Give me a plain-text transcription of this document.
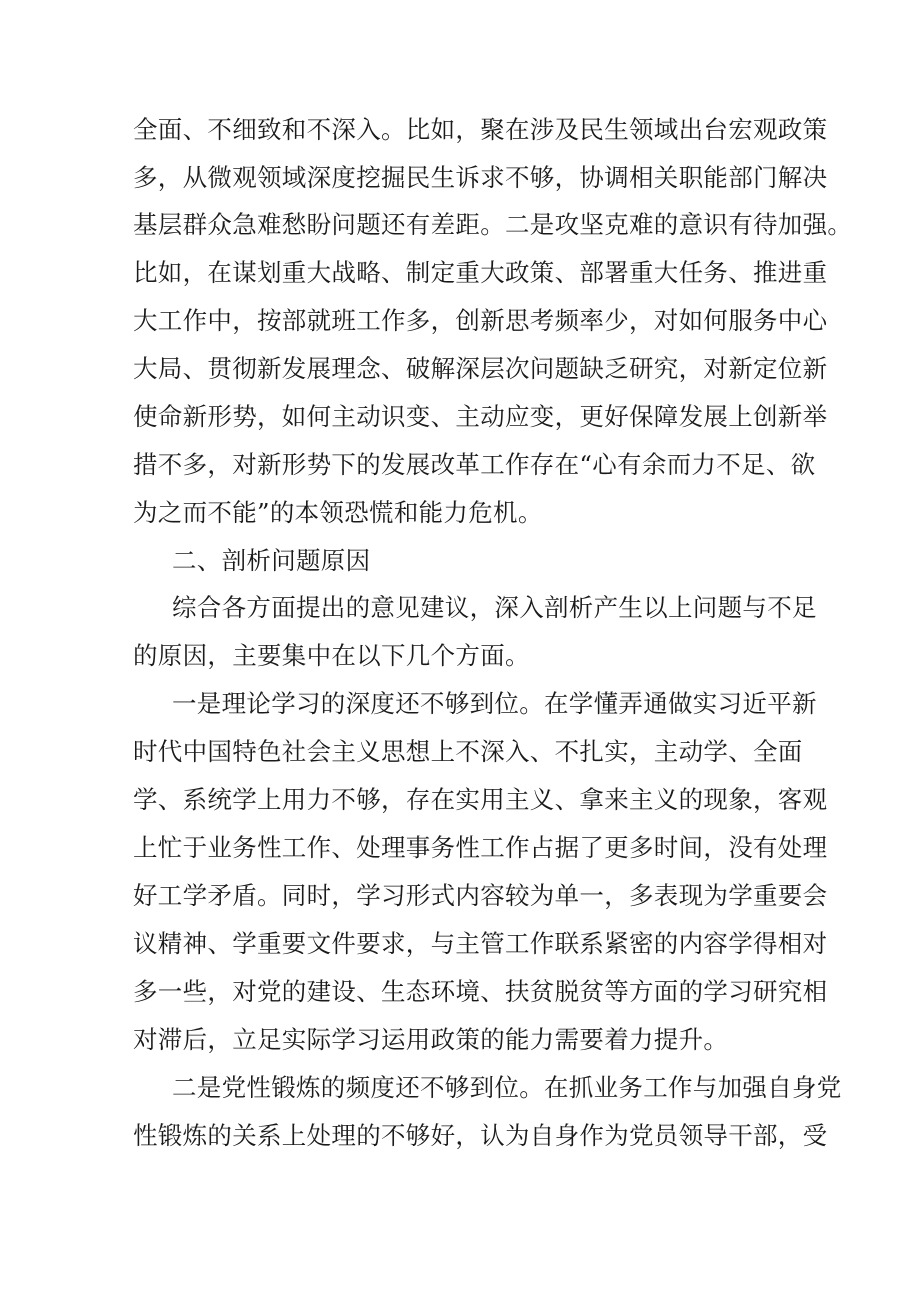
全面、不细致和不深入。比如，聚在涉及民生领域出台宏观政策
多，从微观领域深度挖掘民生诉求不够，协调相关职能部门解决
基层群众急难愁盼问题还有差距。二是攻坚克难的意识有待加强。
比如，在谋划重大战略、制定重大政策、部署重大任务、推进重
大工作中，按部就班工作多，创新思考频率少，对如何服务中心
大局、贯彻新发展理念、破解深层次问题缺乏研究，对新定位新
使命新形势，如何主动识变、主动应变，更好保障发展上创新举
措不多，对新形势下的发展改革工作存在“心有余而力不足、欲
为之而不能”的本领恐慌和能力危机。
二、剖析问题原因
综合各方面提出的意见建议，深入剖析产生以上问题与不足
的原因，主要集中在以下几个方面。
一是理论学习的深度还不够到位。在学懂弄通做实习近平新
时代中国特色社会主义思想上不深入、不扎实，主动学、全面
学、系统学上用力不够，存在实用主义、拿来主义的现象，客观
上忙于业务性工作、处理事务性工作占据了更多时间，没有处理
好工学矛盾。同时，学习形式内容较为单一，多表现为学重要会
议精神、学重要文件要求，与主管工作联系紧密的内容学得相对
多一些，对党的建设、生态环境、扶贫脱贫等方面的学习研究相
对滞后，立足实际学习运用政策的能力需要着力提升。
二是党性锻炼的频度还不够到位。在抓业务工作与加强自身党
性锻炼的关系上处理的不够好，认为自身作为党员领导干部，受
